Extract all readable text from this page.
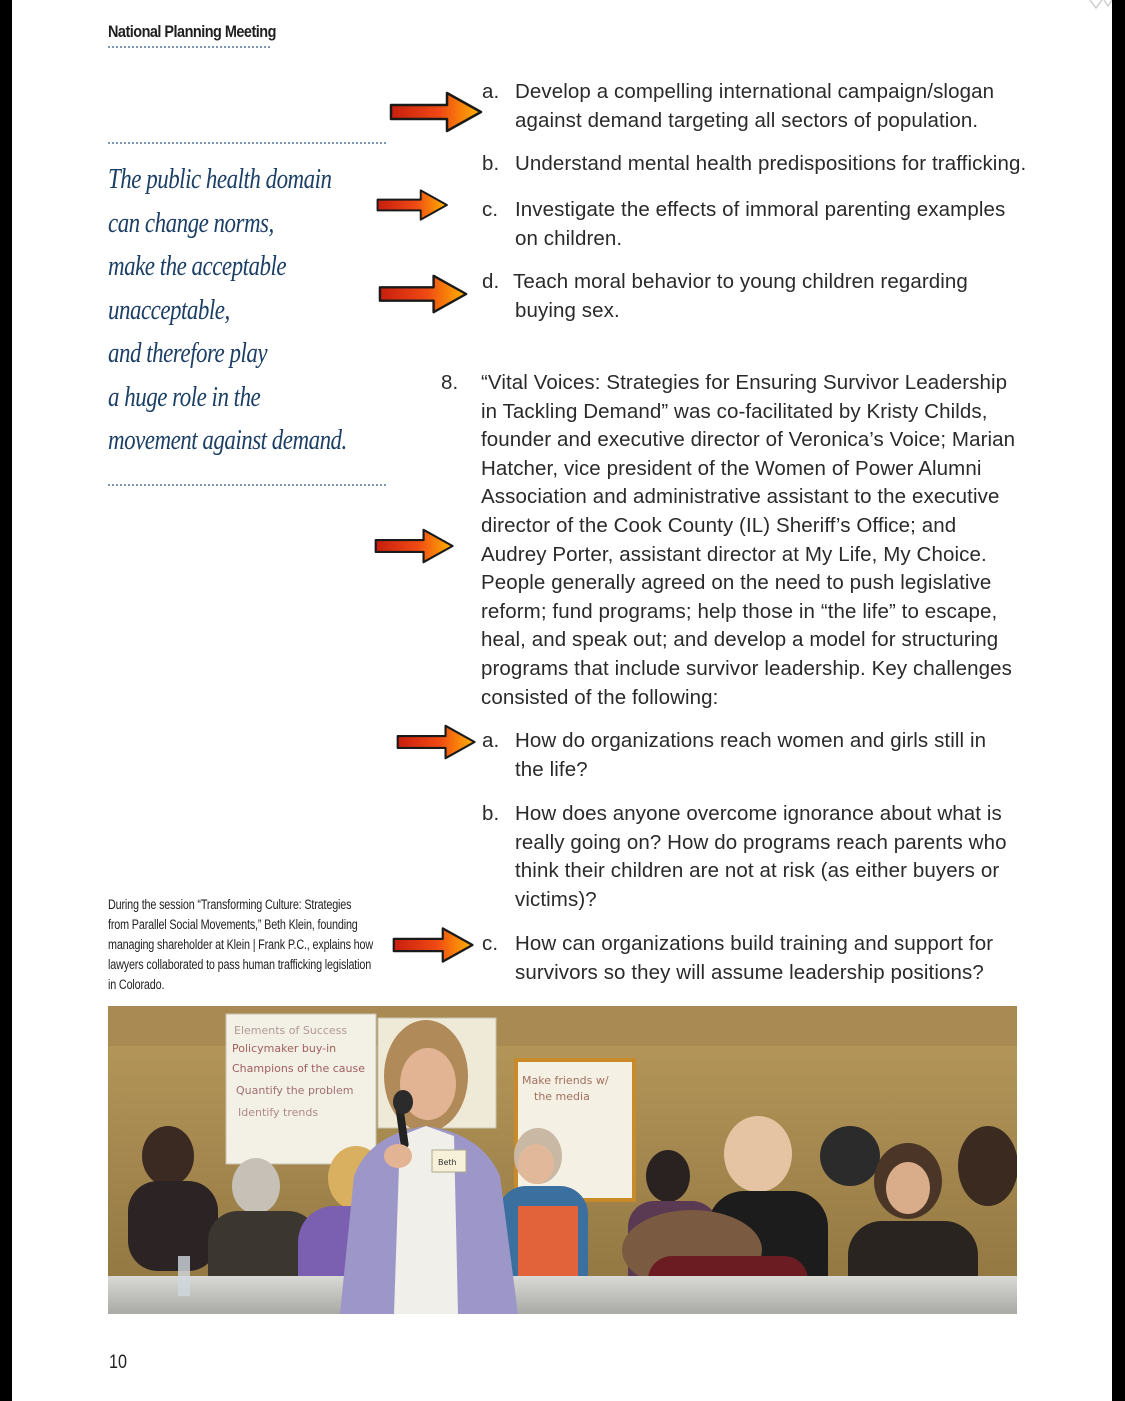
National Planning Meeting
The public health domain
can change norms,
make the acceptable
unacceptable,
and therefore play
a huge role in the
movement against demand.
a. Develop a compelling international campaign/slogan
against demand targeting all sectors of population.
b. Understand mental health predispositions for trafficking.
c. Investigate the effects of immoral parenting examples
on children.
d. Teach moral behavior to young children regarding
buying sex.
8. “Vital Voices: Strategies for Ensuring Survivor Leadership
in Tackling Demand” was co-facilitated by Kristy Childs,
founder and executive director of Veronica’s Voice; Marian
Hatcher, vice president of the Women of Power Alumni
Association and administrative assistant to the executive
director of the Cook County (IL) Sheriff’s Office; and
Audrey Porter, assistant director at My Life, My Choice.
People generally agreed on the need to push legislative
reform; fund programs; help those in “the life” to escape,
heal, and speak out; and develop a model for structuring
programs that include survivor leadership. Key challenges
consisted of the following:
a. How do organizations reach women and girls still in
the life?
b. How does anyone overcome ignorance about what is
really going on? How do programs reach parents who
think their children are not at risk (as either buyers or
victims)?
c. How can organizations build training and support for
survivors so they will assume leadership positions?
During the session “Transforming Culture: Strategies
from Parallel Social Movements,” Beth Klein, founding
managing shareholder at Klein | Frank P.C., explains how
lawyers collaborated to pass human trafficking legislation
in Colorado.
Elements of Success
Policymaker buy-in
Champions of the cause
Quantify the problem
Identify trends
Make friends w/
the media
Beth
10
